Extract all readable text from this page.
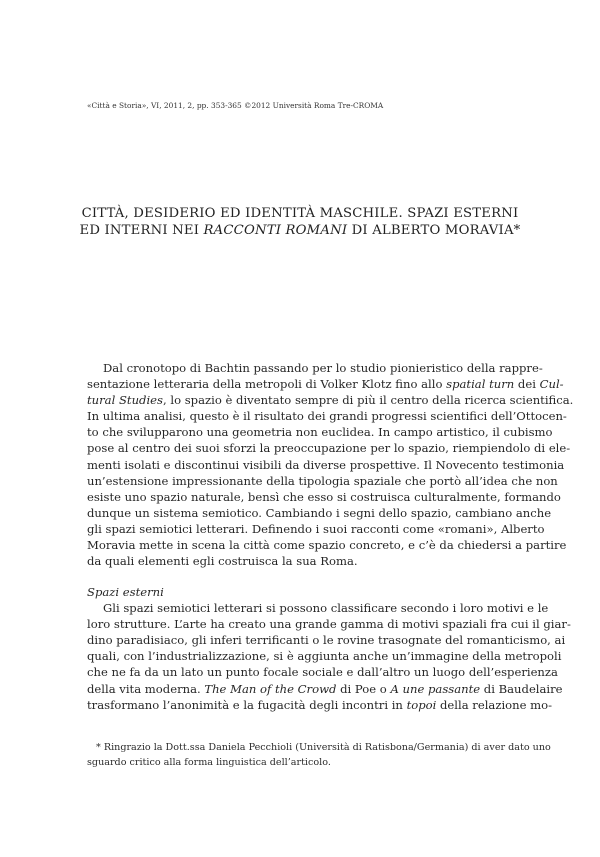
«Città e Storia», VI, 2011, 2, pp. 353-365 ©2012 Università Roma Tre-CROMA
CITTÀ, DESIDERIO ED IDENTITÀ MASCHILE. SPAZI ESTERNI
ED INTERNI NEI RACCONTI ROMANI DI ALBERTO MORAVIA*
Dal cronotopo di Bachtin passando per lo studio pionieristico della rappre-
sentazione letteraria della metropoli di Volker Klotz fino allo spatial turn dei Cul-
tural Studies, lo spazio è diventato sempre di più il centro della ricerca scientifica.
In ultima analisi, questo è il risultato dei grandi progressi scientifici dell’Ottocen-
to che svilupparono una geometria non euclidea. In campo artistico, il cubismo
pose al centro dei suoi sforzi la preoccupazione per lo spazio, riempiendolo di ele-
menti isolati e discontinui visibili da diverse prospettive. Il Novecento testimonia
un’estensione impressionante della tipologia spaziale che portò all’idea che non
esiste uno spazio naturale, bensì che esso si costruisca culturalmente, formando
dunque un sistema semiotico. Cambiando i segni dello spazio, cambiano anche
gli spazi semiotici letterari. Definendo i suoi racconti come «romani», Alberto
Moravia mette in scena la città come spazio concreto, e c’è da chiedersi a partire
da quali elementi egli costruisca la sua Roma.
Spazi esterni
Gli spazi semiotici letterari si possono classificare secondo i loro motivi e le
loro strutture. L’arte ha creato una grande gamma di motivi spaziali fra cui il giar-
dino paradisiaco, gli inferi terrificanti o le rovine trasognate del romanticismo, ai
quali, con l’industrializzazione, si è aggiunta anche un’immagine della metropoli
che ne fa da un lato un punto focale sociale e dall’altro un luogo dell’esperienza
della vita moderna. The Man of the Crowd di Poe o A une passante di Baudelaire
trasformano l’anonimità e la fugacità degli incontri in topoi della relazione mo-
* Ringrazio la Dott.ssa Daniela Pecchioli (Università di Ratisbona/Germania) di aver dato uno
sguardo critico alla forma linguistica dell’articolo.
